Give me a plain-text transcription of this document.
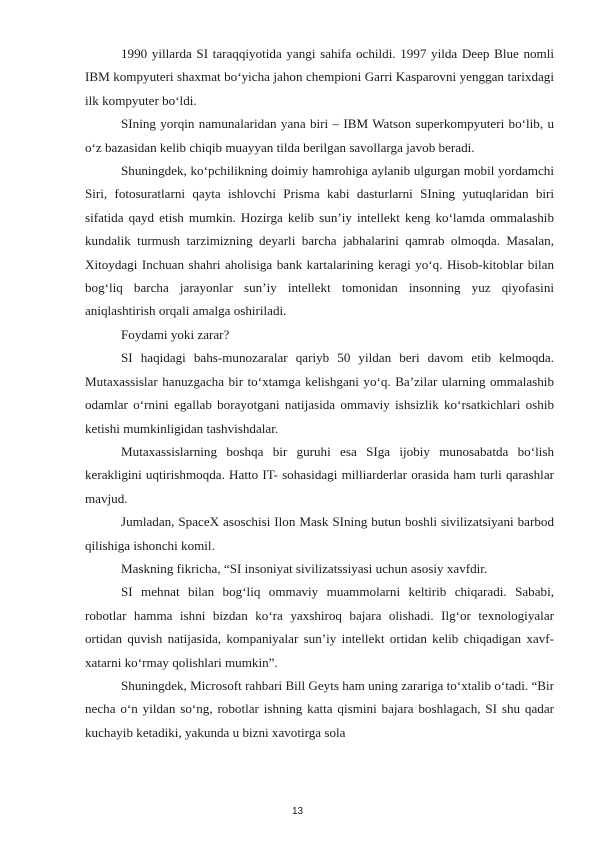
1990 yillarda SI taraqqiyotida yangi sahifa ochildi. 1997 yilda Deep Blue nomli IBM kompyuteri shaxmat bo‘yicha jahon chempioni Garri Kasparovni yenggan tarixdagi ilk kompyuter bo‘ldi.

SIning yorqin namunalaridan yana biri – IBM Watson superkompyuteri bo‘lib, u o‘z bazasidan kelib chiqib muayyan tilda berilgan savollarga javob beradi.

Shuningdek, ko‘pchilikning doimiy hamrohiga aylanib ulgurgan mobil yordamchi Siri, fotosuratlarni qayta ishlovchi Prisma kabi dasturlarni SIning yutuqlaridan biri sifatida qayd etish mumkin. Hozirga kelib sun’iy intellekt keng ko‘lamda ommalashib kundalik turmush tarzimizning deyarli barcha jabhalarini qamrab olmoqda. Masalan, Xitoydagi Inchuan shahri aholisiga bank kartalarining keragi yo‘q. Hisob-kitoblar bilan bog‘liq barcha jarayonlar sun’iy intellekt tomonidan insonning yuz qiyofasini aniqlashtirish orqali amalga oshiriladi.

Foydami yoki zarar?

SI haqidagi bahs-munozaralar qariyb 50 yildan beri davom etib kelmoqda. Mutaxassislar hanuzgacha bir to‘xtamga kelishgani yo‘q. Ba’zilar ularning ommalashib odamlar o‘rnini egallab borayotgani natijasida ommaviy ishsizlik ko‘rsatkichlari oshib ketishi mumkinligidan tashvishdalar.

Mutaxassislarning boshqa bir guruhi esa SIga ijobiy munosabatda bo‘lish kerakligini uqtirishmoqda. Hatto IT- sohasidagi milliarderlar orasida ham turli qarashlar mavjud.

Jumladan, SpaceX asoschisi Ilon Mask SIning butun boshli sivilizatsiyani barbod qilishiga ishonchi komil.

Maskning fikricha, “SI insoniyat sivilizatssiyasi uchun asosiy xavfdir.

SI mehnat bilan bog‘liq ommaviy muammolarni keltirib chiqaradi. Sababi, robotlar hamma ishni bizdan ko‘ra yaxshiroq bajara olishadi. Ilg‘or texnologiyalar ortidan quvish natijasida, kompaniyalar sun’iy intellekt ortidan kelib chiqadigan xavf-xatarni ko‘rmay qolishlari mumkin”.

Shuningdek, Microsoft rahbari Bill Geyts ham uning zarariga to‘xtalib o‘tadi. “Bir necha o‘n yildan so‘ng, robotlar ishning katta qismini bajara boshlagach, SI shu qadar kuchayib ketadiki, yakunda u bizni xavotirga sola

13
